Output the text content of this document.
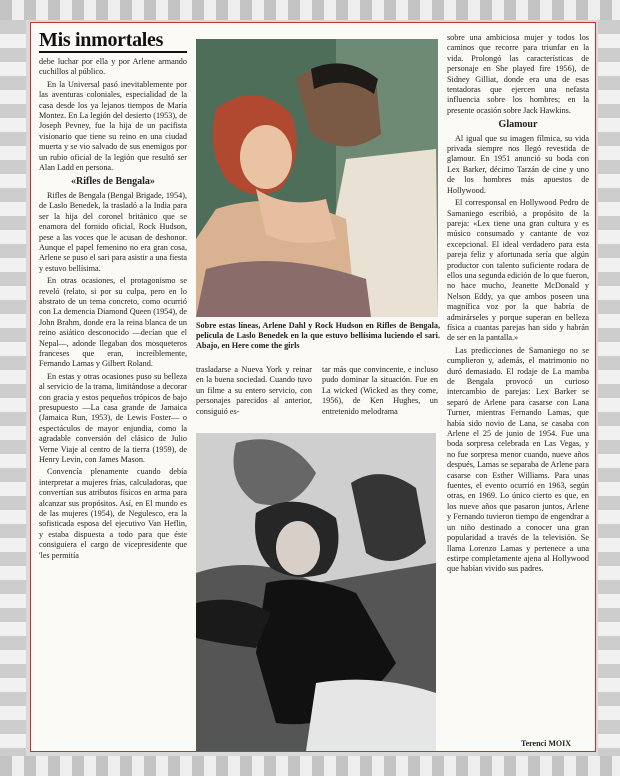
Mis inmortales

debe luchar por ella y por Arlene armando cuchillos al público.

En la Universal pasó inevitablemente por las aventuras coloniales, especialidad de la casa desde los ya lejanos tiempos de María Montez. En La legión del desierto (1953), de Joseph Pevney, fue la hija de un pacifista visionario que tiene su reino en una ciudad muerta y se vio salvado de sus enemigos por un rubio oficial de la legión que resultó ser Alan Ladd en persona.

«Rifles de Bengala»

Rifles de Bengala (Bengal Brigade, 1954), de Laslo Benedek, la trasladó a la India para ser la hija del coronel británico que se enamora del fornido oficial, Rock Hudson, pese a las voces que le acusan de deshonor. Aunque el papel femenino no era gran cosa, Arlene se puso el sari para asistir a una fiesta y estuvo bellísima.

En otras ocasiones, el protagonismo se reveló (relato, si por su culpa, pero en lo abstrato de un tema concreto, como ocurrió con La demencia Diamond Queen (1954), de John Brahm, donde era la reina blanca de un reino asiático desconocido —decían que el Nepal—, adonde llegaban dos mosqueteros franceses que eran, increíblemente, Fernando Lamas y Gilbert Roland.

En estas y otras ocasiones puso su belleza al servicio de la trama, limitándose a decorar con gracia y estos pequeños trópicos de bajo presupuesto —La casa grande de Jamaica (Jamaica Run, 1953), de Lewis Foster— o espectáculos de mayor enjundia, como la agradable conversión del clásico de Julio Verne Viaje al centro de la tierra (1959), de Henry Levin, con James Mason.

Convencía plenamente cuando debía interpretar a mujeres frías, calculadoras, que convertían sus atributos físicos en arma para alcanzar sus propósitos. Así, en El mundo es de las mujeres (1954), de Negulesco, era la sofisticada esposa del ejecutivo Van Heflin, y estaba dispuesta a todo para que éste consiguiera el cargo de vicepresidente que 'les permitía

Sobre estas líneas, Arlene Dahl y Rock Hudson en Rifles de Bengala, película de Laslo Benedek en la que estuvo bellísima luciendo el sari. Abajo, en Here come the girls
trasladarse a Nueva York y reinar en la buena sociedad. Cuando tuvo un filme a su entero servicio, con personajes parecidos al anterior, consiguió es-
tar más que convincente, e incluso pudo dominar la situación. Fue en La wicked (Wicked as they come, 1956), de Ken Hughes, un entretenido melodrama

sobre una ambiciosa mujer y todos los caminos que recorre para triunfar en la vida. Prolongó las características de personaje en She played fire 1956), de Sidney Gilliat, donde era una de esas tentadoras que ejercen una nefasta influencia sobre los hombres; en la presente ocasión sobre Jack Hawkins.

Glamour

Al igual que su imagen fílmica, su vida privada siempre nos llegó revestida de glamour. En 1951 anunció su boda con Lex Barker, décimo Tarzán de cine y uno de los hombres más apuestos de Hollywood.

El corresponsal en Hollywood Pedro de Samaniego escribió, a propósito de la pareja: «Lex tiene una gran cultura y es músico consumado y cantante de voz excepcional. El ideal verdadero para esta pareja feliz y afortunada sería que algún productor con talento suficiente rodara de ellos una segunda edición de lo que fueron, no hace mucho, Jeanette McDonald y Nelson Eddy, ya que ambos poseen una magnífica voz por la que habría de admirárseles y porque superan en belleza física a cuantas parejas han sido y habrán de ser en la pantalla.»

Las predicciones de Samaniego no se cumplieron y, además, el matrimonio no duró demasiado. El rodaje de La mamba de Bengala provocó un curioso intercambio de parejas: Lex Barker se separó de Arlene para casarse con Lana Turner, mientras Fernando Lamas, que había sido novio de Lana, se casaba con Arlene el 25 de junio de 1954. Fue una boda sorpresa celebrada en Las Vegas, y no fue sorpresa menor cuando, nueve años después, Lamas se separaba de Arlene para casarse con Esther Williams. Para unas fuentes, el evento ocurrió en 1963, según otras, en 1969. Lo único cierto es que, en los nueve años que pasaron juntos, Arlene y Fernando tuvieron tiempo de engendrar a un niño destinado a conocer una gran popularidad a través de la televisión. Se llama Lorenzo Lamas y pertenece a una estirpe completamente ajena al Hollywood que habían vivido sus padres.

Terenci MOIX
